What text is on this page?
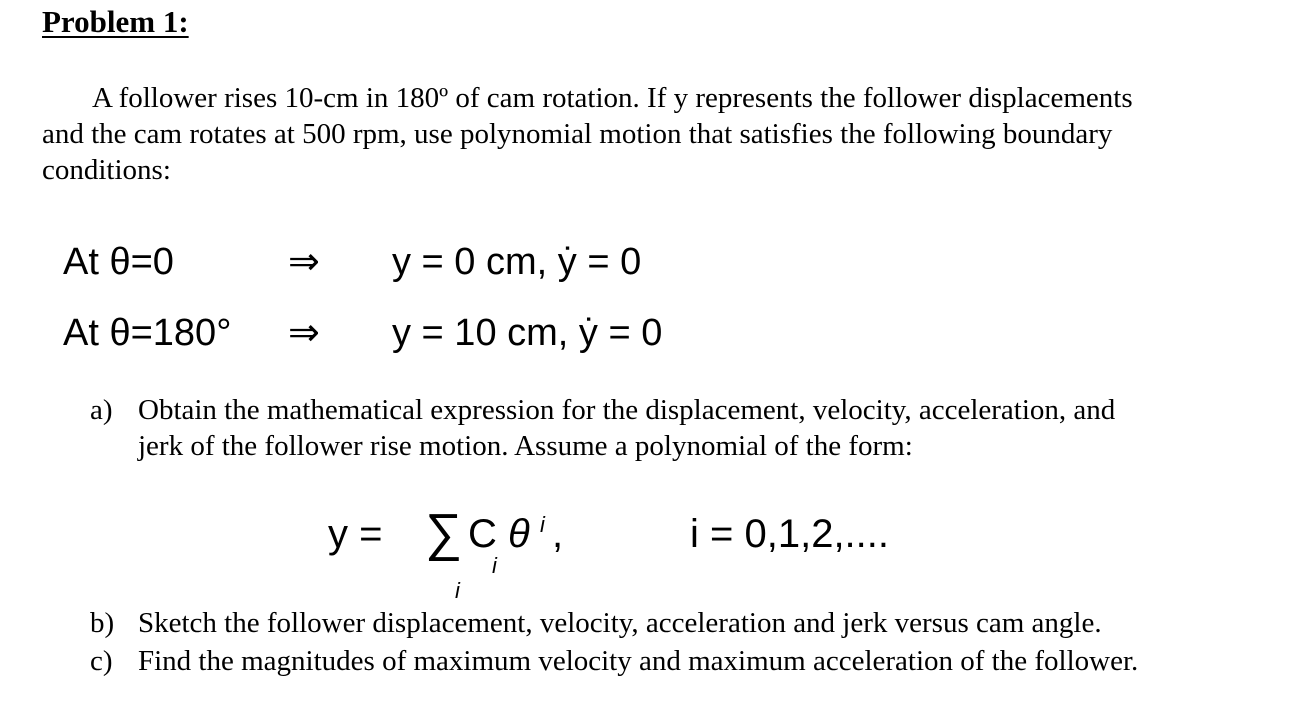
Problem 1:
A follower rises 10-cm in 180º of cam rotation. If y represents the follower displacements
and the cam rotates at 500 rpm, use polynomial motion that satisfies the following boundary
conditions:
At θ=0	⇒ y = 0 cm, ẏ = 0
At θ=180° ⇒ y = 10 cm, ẏ = 0
a) Obtain the mathematical expression for the displacement, velocity, acceleration, and
jerk of the follower rise motion. Assume a polynomial of the form:
y = ∑ C
i
θ i ,
i
i = 0,1,2,....
b) Sketch the follower displacement, velocity, acceleration and jerk versus cam angle.
c) Find the magnitudes of maximum velocity and maximum acceleration of the follower.
